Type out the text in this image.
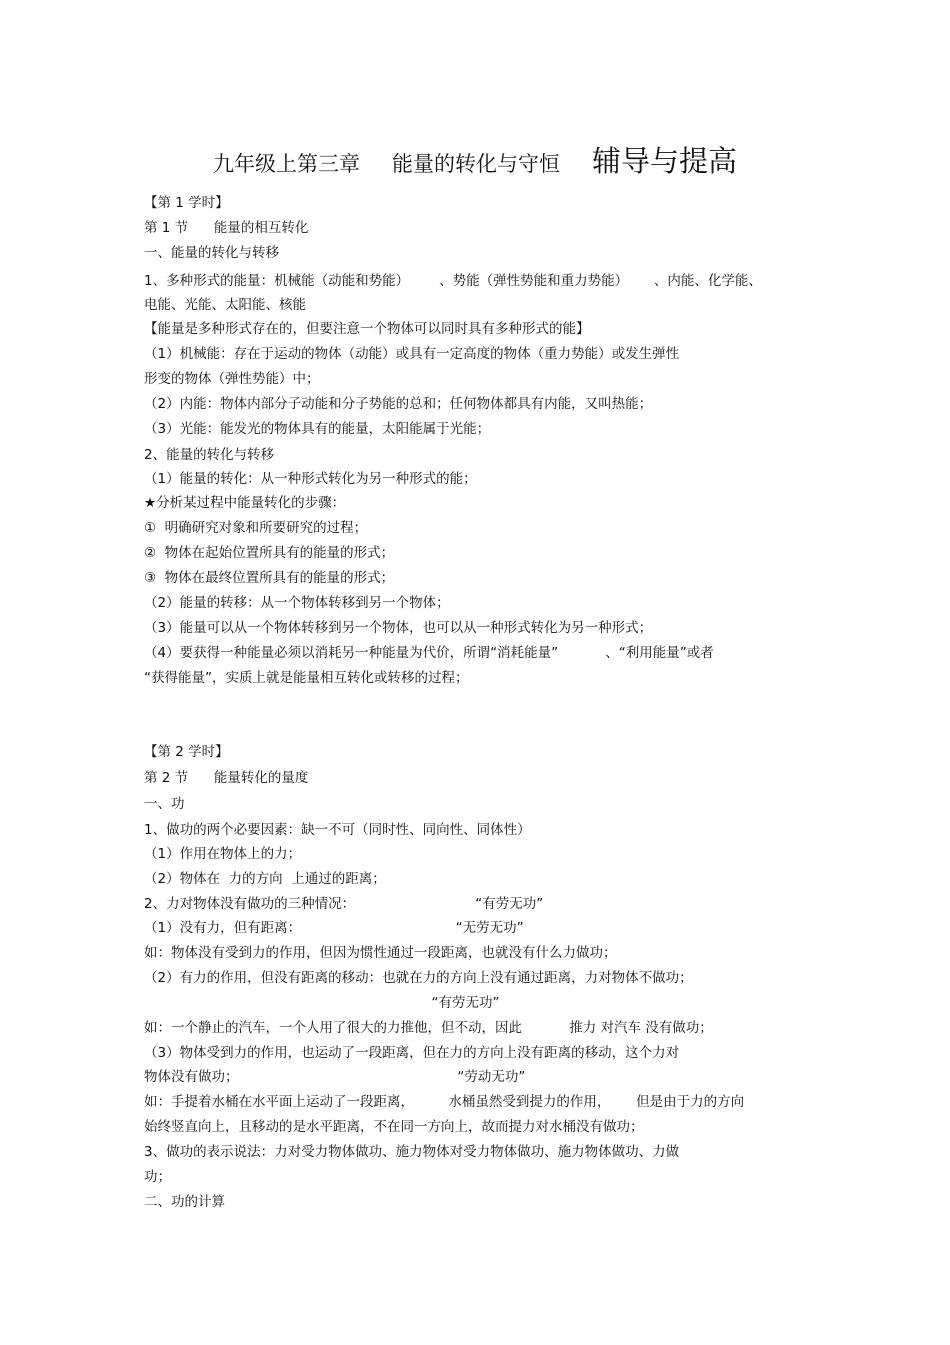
九年级上第三章 能量的转化与守恒 辅导与提高
【第 1 学时】
第 1 节      能量的相互转化
一、能量的转化与转移
1、多种形式的能量：机械能（动能和势能）       、势能（弹性势能和重力势能）      、内能、化学能、
电能、光能、太阳能、核能
【能量是多种形式存在的，但要注意一个物体可以同时具有多种形式的能】
（1）机械能：存在于运动的物体（动能）或具有一定高度的物体（重力势能）或发生弹性
形变的物体（弹性势能）中；
（2）内能：物体内部分子动能和分子势能的总和；任何物体都具有内能，又叫热能；
（3）光能：能发光的物体具有的能量，太阳能属于光能；
2、能量的转化与转移
（1）能量的转化：从一种形式转化为另一种形式的能；
★分析某过程中能量转化的步骤：
①  明确研究对象和所要研究的过程；
②  物体在起始位置所具有的能量的形式；
③  物体在最终位置所具有的能量的形式；
（2）能量的转移：从一个物体转移到另一个物体；
（3）能量可以从一个物体转移到另一个物体，也可以从一种形式转化为另一种形式；
（4）要获得一种能量必须以消耗另一种能量为代价，所谓“消耗能量”           、“利用能量”或者
“获得能量”，实质上就是能量相互转化或转移的过程；
【第 2 学时】
第 2 节      能量转化的量度
一、功
1、做功的两个必要因素：缺一不可（同时性、同向性、同体性）
（1）作用在物体上的力；
（2）物体在  力的方向  上通过的距离；
2、力对物体没有做功的三种情况：                            “有劳无功”
（1）没有力，但有距离：                                    “无劳无功”
如：物体没有受到力的作用，但因为惯性通过一段距离，也就没有什么力做功；
（2）有力的作用，但没有距离的移动：也就在力的方向上没有通过距离，力对物体不做功；
“有劳无功”
如：一个静止的汽车，一个人用了很大的力推他，但不动，因此           推力 对汽车 没有做功；
（3）物体受到力的作用，也运动了一段距离，但在力的方向上没有距离的移动，这个力对
物体没有做功；                                                   “劳动无功”
如：手提着水桶在水平面上运动了一段距离，        水桶虽然受到提力的作用，      但是由于力的方向
始终竖直向上，且移动的是水平距离，不在同一方向上，故而提力对水桶没有做功；
3、做功的表示说法：力对受力物体做功、施力物体对受力物体做功、施力物体做功、力做
功；
二、功的计算
